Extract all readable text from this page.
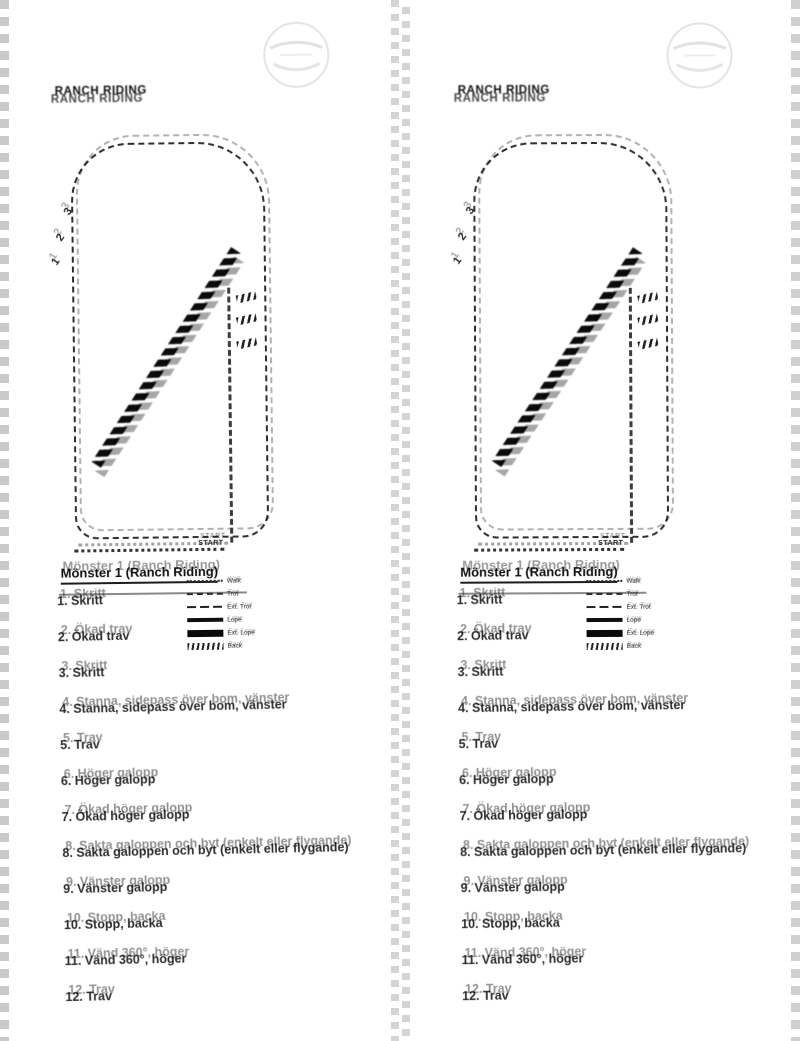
RANCH RIDING
1
2
3
START
Mönster 1 (Ranch Riding) Walk
Trot
Ext. Trot
Lope
Ext. Lope
Back
1. Skritt
2. Ökad trav
3. Skritt
4. Stanna, sidepass över bom, vänster
5. Trav
6. Höger galopp
7. Ökad höger galopp
8. Sakta galoppen och byt (enkelt eller flygande)
9. Vänster galopp
10. Stopp, backa
11. Vänd 360°, höger
12. Trav
RANCH RIDING
1
2
3
START
Mönster 1 (Ranch Riding)
Walk
Trot
Ext. Trot
Lope
Ext. Lope
Back
1. Skritt
2. Ökad trav
3. Skritt
4. Stanna, sidepass över bom, vänster
5. Trav
6. Höger galopp
7. Ökad höger galopp
8. Sakta galoppen och byt (enkelt eller flygande)
9. Vänster galopp
10. Stopp, backa
11. Vänd 360°, höger
12. Trav
